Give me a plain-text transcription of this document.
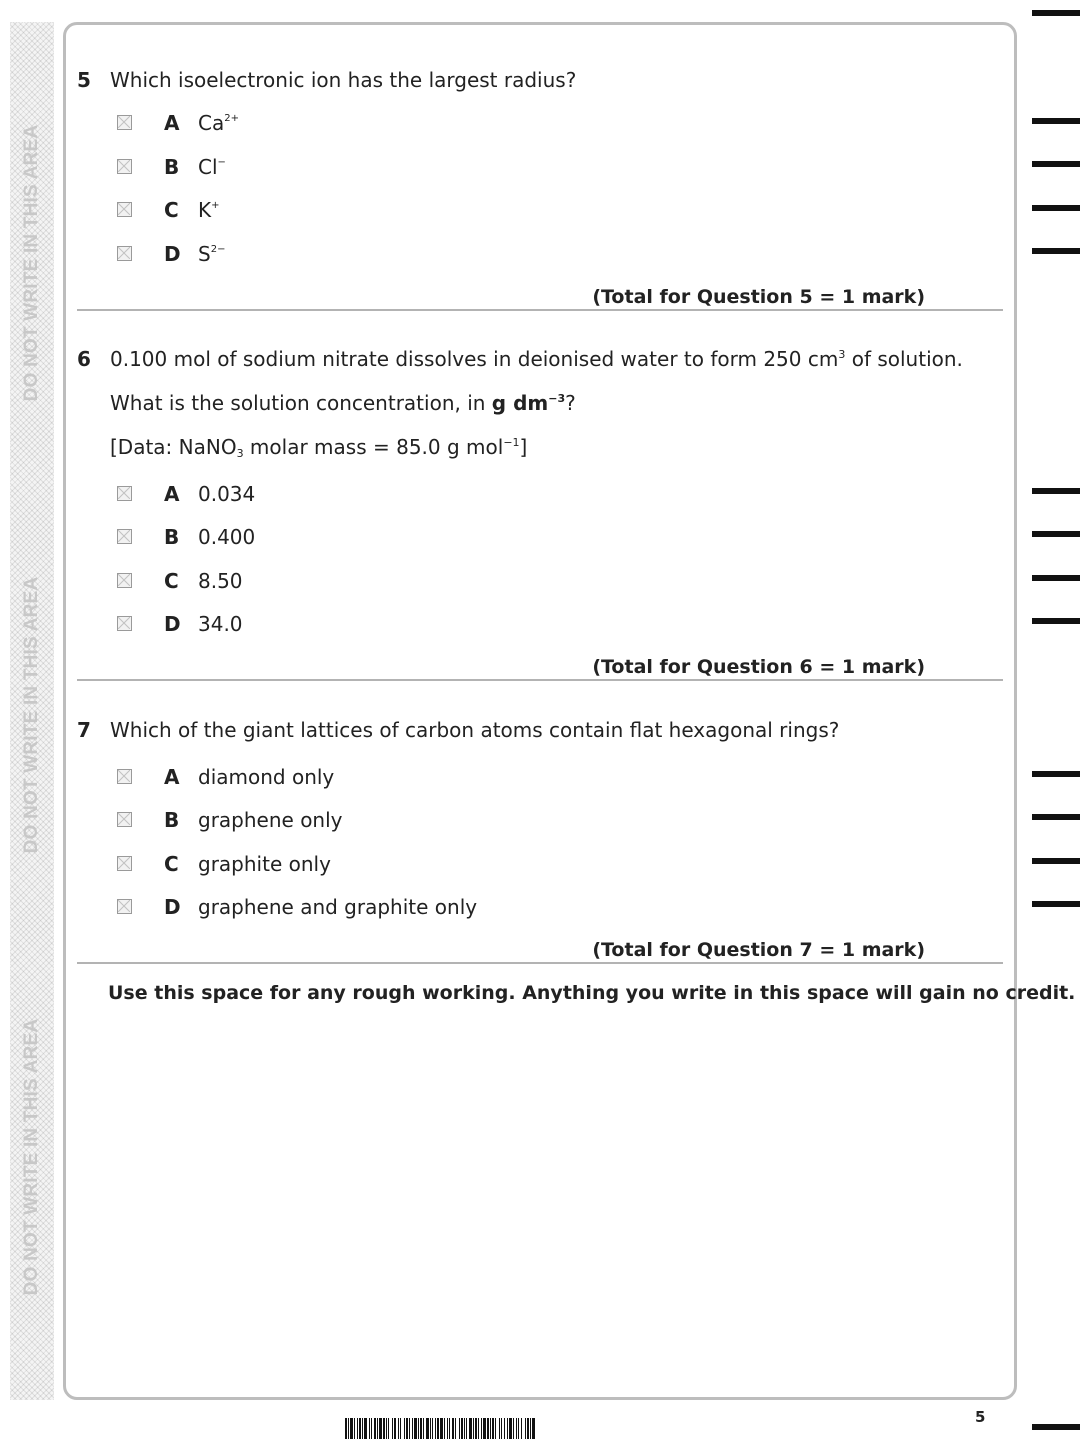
DO NOT WRITE IN THIS AREA
DO NOT WRITE IN THIS AREA
DO NOT WRITE IN THIS AREA
5 Which isoelectronic ion has the largest radius?
A $Ca^{2+}$
B Cl−
C K+
D $S^{2-}$
(Total for Question 5 = 1 mark)
6 0.100 mol of sodium nitrate dissolves in deionised water to form 250 $cm^3$ of solution.
What is the solution concentration, in g $dm^{-3}$?
[Data: NaNO$_3$ molar mass = 85.0 g mol$^{-1}$]
A 0.034
B 0.400
C 8.50
D 34.0
(Total for Question 6 = 1 mark)
7 Which of the giant lattices of carbon atoms contain flat hexagonal rings?
A diamond only
B graphene only
C graphite only
D graphene and graphite only
(Total for Question 7 = 1 mark)
Use this space for any rough working. Anything you write in this space will gain no credit.
5
